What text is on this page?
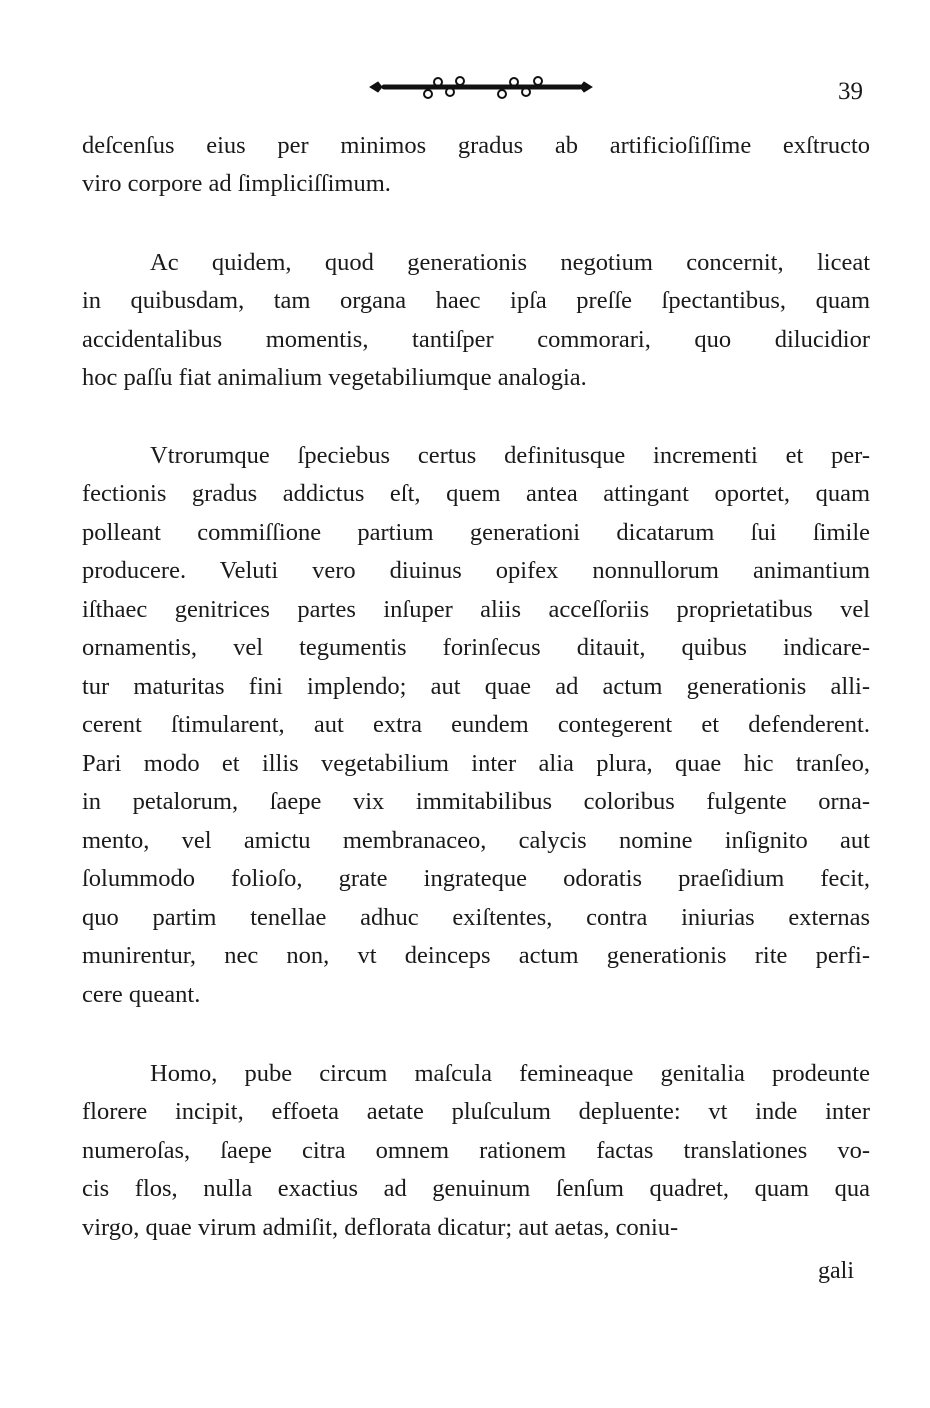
39
deſcenſus eius per minimos gradus ab artificioſiſſime exſtructo
viro corpore ad ſimpliciſſimum.
Ac quidem, quod generationis negotium concernit, liceat
in quibusdam, tam organa haec ipſa preſſe ſpectantibus, quam
accidentalibus momentis, tantiſper commorari, quo dilucidior
hoc paſſu fiat animalium vegetabiliumque analogia.
Vtrorumque ſpeciebus certus definitusque incrementi et per-
fectionis gradus addictus eſt, quem antea attingant oportet, quam
polleant commiſſione partium generationi dicatarum ſui ſimile
producere. Veluti vero diuinus opifex nonnullorum animantium
iſthaec genitrices partes inſuper aliis acceſſoriis proprietatibus vel
ornamentis, vel tegumentis forinſecus ditauit, quibus indicare-
tur maturitas fini implendo; aut quae ad actum generationis alli-
cerent ſtimularent, aut extra eundem contegerent et defenderent.
Pari modo et illis vegetabilium inter alia plura, quae hic tranſeo,
in petalorum, ſaepe vix immitabilibus coloribus fulgente orna-
mento, vel amictu membranaceo, calycis nomine inſignito aut
ſolummodo folioſo, grate ingrateque odoratis praeſidium fecit,
quo partim tenellae adhuc exiſtentes, contra iniurias externas
munirentur, nec non, vt deinceps actum generationis rite perfi-
cere queant.
Homo, pube circum maſcula femineaque genitalia prodeunte
florere incipit, effoeta aetate pluſculum depluente: vt inde inter
numeroſas, ſaepe citra omnem rationem factas translationes vo-
cis flos, nulla exactius ad genuinum ſenſum quadret, quam qua
virgo, quae virum admiſit, deflorata dicatur; aut aetas, coniu-
gali
